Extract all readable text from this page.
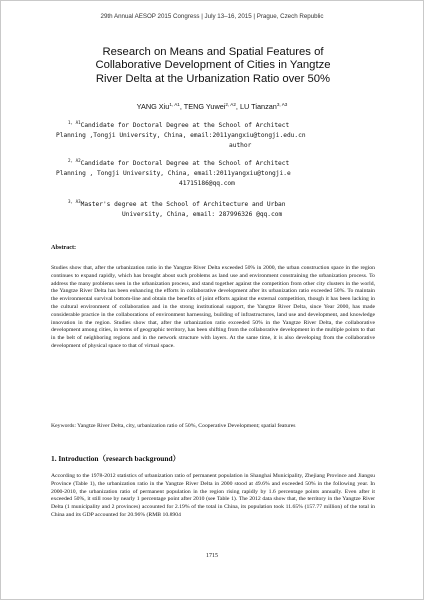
29th Annual AESOP 2015 Congress | July 13–16, 2015 | Prague, Czech Republic
Research on Means and Spatial Features of
Collaborative Development of Cities in Yangtze
River Delta at the Urbanization Ratio over 50%
YANG Xiu$^{1, A1}$, TENG Yuwei$^{2, A2}$, LU Tianzan$^{3, A3}$
$^{1, A1}$Candidate for Doctoral Degree at the School of Architect
Planning ,Tongji University, China, email:2011yangxiu@tongji.edu.cn
author
$^{2, A2}$Candidate for Doctoral Degree at the School of Architect
Planning , Tongji University, China, email:2011yangxiu@tongji.e
41715186@qq.com
$^{3, A3}$Master's degree at the School of Architecture and Urban
University, China, email: 287996326 @qq.com
Abstract:
Studies show that, after the urbanization ratio in the Yangtze River Delta exceeded 50% in 2000, the urban construction space in the region continues to expand rapidly, which has brought about such problems as land use and environment constraining the urbanization process. To address the many problems seen in the urbanization process, and stand together against the competition from other city clusters in the world, the Yangtze River Delta has been enhancing the efforts in collaborative development after its urbanization ratio exceeded 50%. To maintain the environmental survival bottom-line and obtain the benefits of joint efforts against the external competition, though it has been lacking in the cultural environment of collaboration and in the strong institutional support, the Yangtze River Delta, since Year 2000, has made considerable practice in the collaborations of environment harnessing, building of infrastructures, land use and development, and knowledge innovation in the region. Studies show that, after the urbanization ratio exceeded 50% in the Yangtze River Delta, the collaborative development among cities, in terms of geographic territory, has been shifting from the collaborative development in the multiple points to that in the belt of neighboring regions and in the network structure with layers. At the same time, it is also developing from the collaborative development of physical space to that of virtual space.
Keywords: Yangtze River Delta, city, urbanization ratio of 50%, Cooperative Development; spatial features
1. Introduction（research background）
According to the 1978-2012 statistics of urbanization ratio of permanent population in Shanghai Municipality, Zhejiang Province and Jiangsu Province (Table 1), the urbanization ratio in the Yangtze River Delta in 2000 stood at 49.6% and exceeded 50% in the following year. In 2000-2010, the urbanization ratio of permanent population in the region rising rapidly by 1.6 percentage points annually. Even after it exceeded 50%, it still rose by nearly 1 percentage point after 2010 (see Table 1). The 2012 data show that, the territory in the Yangtze River Delta (1 municipality and 2 provinces) accounted for 2.19% of the total in China, its population took 11.65% (157.77 million) of the total in China and its GDP accounted for 20.96% (RMB 10.8904
1715
